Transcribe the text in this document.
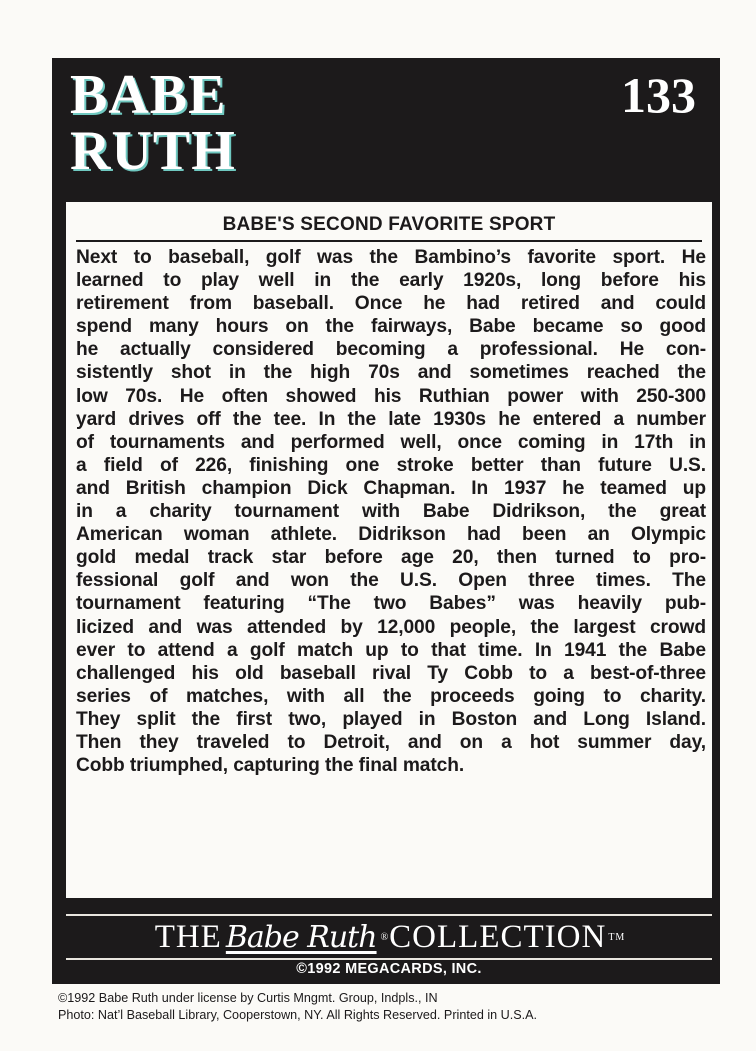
BABE
RUTH
133
BABE'S SECOND FAVORITE SPORT
Next to baseball, golf was the Bambino’s favorite sport. He
learned to play well in the early 1920s, long before his
retirement from baseball. Once he had retired and could
spend many hours on the fairways, Babe became so good
he actually considered becoming a professional. He con-
sistently shot in the high 70s and sometimes reached the
low 70s. He often showed his Ruthian power with 250-300
yard drives off the tee. In the late 1930s he entered a number
of tournaments and performed well, once coming in 17th in
a field of 226, finishing one stroke better than future U.S.
and British champion Dick Chapman. In 1937 he teamed up
in a charity tournament with Babe Didrikson, the great
American woman athlete. Didrikson had been an Olympic
gold medal track star before age 20, then turned to pro-
fessional golf and won the U.S. Open three times. The
tournament featuring “The two Babes” was heavily pub-
licized and was attended by 12,000 people, the largest crowd
ever to attend a golf match up to that time. In 1941 the Babe
challenged his old baseball rival Ty Cobb to a best-of-three
series of matches, with all the proceeds going to charity.
They split the first two, played in Boston and Long Island.
Then they traveled to Detroit, and on a hot summer day,
Cobb triumphed, capturing the final match.
THE Babe Ruth ® COLLECTION TM
©1992 MEGACARDS, INC.
©1992 Babe Ruth under license by Curtis Mngmt. Group, Indpls., IN
Photo: Nat’l Baseball Library, Cooperstown, NY. All Rights Reserved. Printed in U.S.A.
